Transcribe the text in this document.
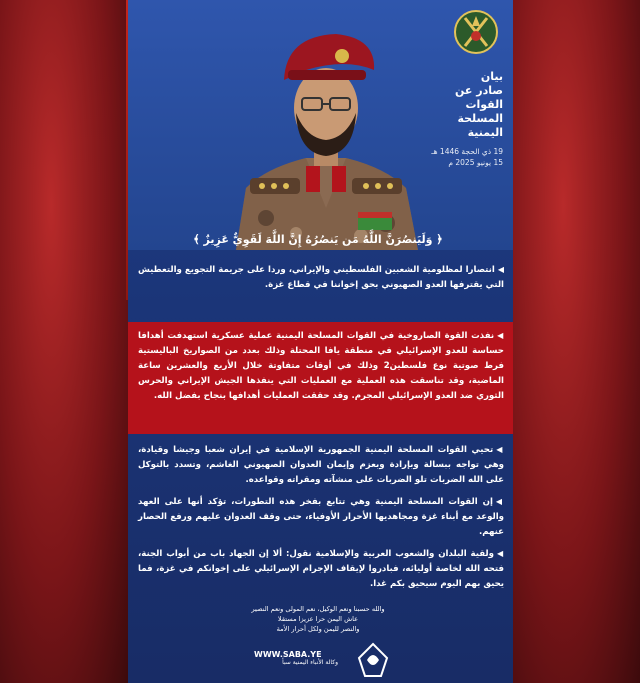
بيان
صادر عن
القوات المسلحة
اليمنية
19 ذي الحجة 1446 هـ
15 يونيو 2025 م
﴿ وَلَيَنصُرَنَّ اللَّهُ مَن يَنصُرُهُ إِنَّ اللَّهَ لَقَوِيٌّ عَزِيزٌ ﴾
◀انتصارا لمظلومية الشعبين الفلسطيني والإيراني، وردا على جريمة التجويع والتعطيش التي يقترفها العدو الصهيوني بحق إخواننا في قطاع غزة.
◀نفذت القوة الصاروخية في القوات المسلحة اليمنية عملية عسكرية استهدفت أهدافا حساسة للعدو الإسرائيلي في منطقة يافا المحتلة وذلك بعدد من الصواريخ الباليستية فرط صوتية نوع فلسطين2 وذلك في أوقات متفاوتة خلال الأربع والعشرين ساعة الماضية، وقد تناسقت هذه العملية مع العمليات التي ينفذها الجيش الإيراني والحرس الثوري ضد العدو الإسرائيلي المجرم. وقد حققت العمليات أهدافها بنجاح بفضل الله.
◀تحيي القوات المسلحة اليمنية الجمهورية الإسلامية في إيران شعبا وجيشا وقيادة، وهي تواجه ببسالة وبإرادة وبعزم وإيمان العدوان الصهيوني الغاشم، وتسدد بالتوكل على الله الضربات تلو الضربات على منشآته ومقراته وقواعده.
◀إن القوات المسلحة اليمنية وهي تتابع بفخر هذه التطورات، تؤكد أنها على العهد والوعد مع أبناء غزة ومجاهديها الأحرار الأوفياء، حتى وقف العدوان عليهم ورفع الحصار عنهم.
◀ولقية البلدان والشعوب العربية والإسلامية نقول: ألا إن الجهاد باب من أبواب الجنة، فتحه الله لخاصة أوليائه، فبادروا لإيقاف الإجرام الإسرائيلي على إخوانكم في غزة، فما يحيق بهم اليوم سيحيق بكم غدا.
والله حسبنا ونعم الوكيل، نعم المولى ونعم النصير
عاش اليمن حرا عزيزا مستقلا
والنصر لليمن ولكل أحرار الأمة
WWW.SABA.YE
وكالة الأنباء اليمنية سبأ
